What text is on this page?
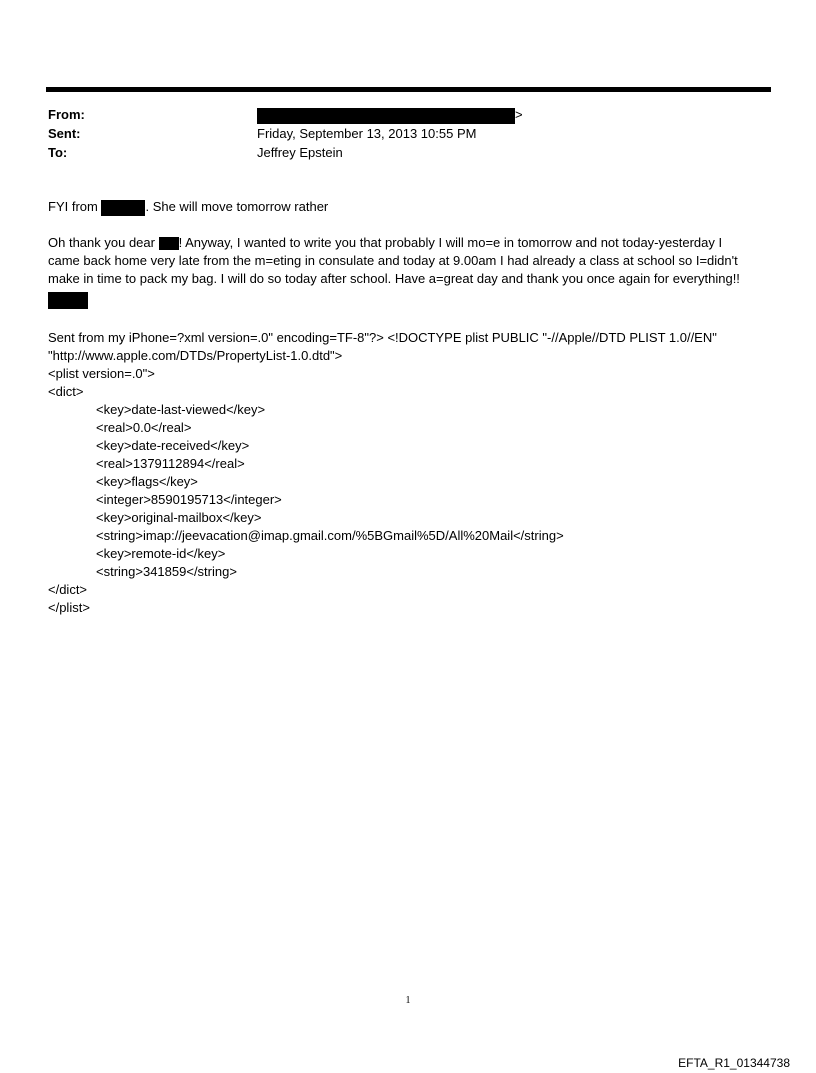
From:	>
Sent:	Friday, September 13, 2013 10:55 PM
To:	Jeffrey Epstein

FYI from	. She will move tomorrow rather

Oh thank you dear ! Anyway, I wanted to write you that probably I will mo=e in tomorrow and not today-yesterday I
came back home very late from the m=eting in consulate and today at 9.00am I had already a class at school so I=didn't
make in time to pack my bag. I will do so today after school. Have a=great day and thank you once again for everything!!

Sent from my iPhone=?xml version=.0" encoding=TF-8"?> <!DOCTYPE plist PUBLIC "-//Apple//DTD PLIST 1.0//EN"

"http://www.apple.com/DTDs/PropertyList-1.0.dtd">

<plist version=.0">

<dict>

<key>date-last-viewed</key>

<real>0.0</real>

<key>date-received</key>

<real>1379112894</real>

<key>flags</key>

<integer>8590195713</integer>

<key>original-mailbox</key>

<string>imap://jeevacation@imap.gmail.com/%5BGmail%5D/All%20Mail</string>

<key>remote-id</key>

<string>341859</string>

</dict>

</plist>

1
EFTA_R1_01344738
